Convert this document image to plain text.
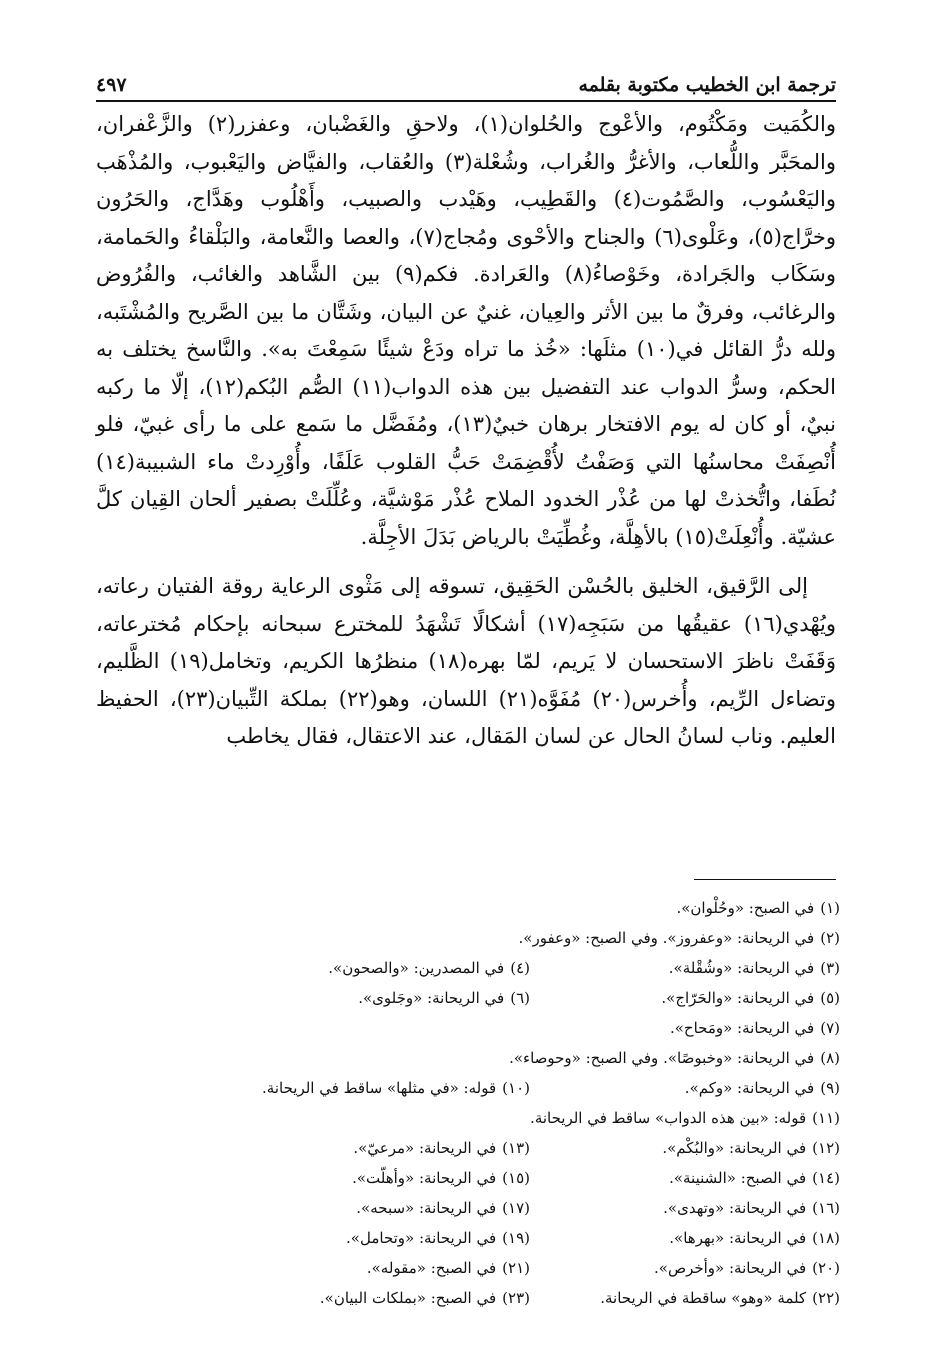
ترجمة ابن الخطيب مكتوبة بقلمه
٤٩٧

والكُمَيت ومَكْتُوم، والأعْوج والحُلوان(١)، ولاحقِ والغَضْبان، وعفزر(٢) والزَّعْفران، والمحَبَّر واللُّعاب، والأغرُّ والغُراب، وشُعْلة(٣) والعُقاب، والفيَّاض واليَعْبوب، والمُذْهَب واليَعْسُوب، والصَّمُوت(٤) والقَطِيب، وهَيْدب والصبيب، وأَهْلُوب وهَدَّاج، والحَرُون وخرَّاج(٥)، وعَلْوى(٦) والجناح والأحْوى ومُجاج(٧)، والعصا والنَّعامة، والبَلْقاءُ والحَمامة، وسَكَاب والجَرادة، وخَوْصاءُ(٨) والعَرادة. فكم(٩) بين الشَّاهد والغائب، والفُرُوض والرغائب، وفرقٌ ما بين الأثر والعِيان، غنيٌ عن البيان، وشَتَّان ما بين الصَّريح والمُشْتَبه، ولله درُّ القائل في(١٠) مثلَها: «خُذ ما تراه ودَعْ شيئًا سَمِعْتَ به». والنَّاسخ يختلف به الحكم، وسرُّ الدواب عند التفضيل بين هذه الدواب(١١) الصُّم البُكم(١٢)، إلّا ما ركبه نبيٌ، أو كان له يوم الافتخار برهان خبيٌ(١٣)، ومُفَضَّل ما سَمع على ما رأى غبيّ، فلو أُنْصِفَتْ محاسنُها التي وَصَفْتُ لأُقْضِمَتْ حَبُّ القلوب عَلَفًا، وأُوْرِدتْ ماء الشبيبة(١٤) نُطَفا، واتُّخذتْ لها من عُذْر الخدود الملاح عُذْر مَوْشيَّة، وعُلِّلَتْ بصفير ألحان القِيان كلَّ عشيّة. وأُنْعِلَتْ(١٥) بالأهِلَّة، وغُطِّيَتْ بالرياض بَدَلَ الأجِلَّة.

إلى الرَّقيق، الخليق بالحُسْن الحَقِيق، تسوقه إلى مَثْوى الرعاية روقة الفتيان رعاته، ويُهْدي(١٦) عقيقُها من سَبَجِه(١٧) أشكالًا تَشْهَدُ للمخترع سبحانه بإحكام مُخترعاته، وَقَفَتْ ناظرَ الاستحسان لا يَريم، لمّا بهره(١٨) منظرُها الكريم، وتخامل(١٩) الظَّليم، وتضاءل الرِّيم، وأُخرس(٢٠) مُفَوَّه(٢١) اللسان، وهو(٢٢) بملكة التِّبيان(٢٣)، الحفيظ العليم. وناب لسانُ الحال عن لسان المَقال، عند الاعتقال، فقال يخاطب

(١)في الصبح: «وحُلْوان».
(٢)في الريحانة: «وعفروز». وفي الصبح: «وعفور».
(٣)في الريحانة: «وشُقْلة».
(٤)في المصدرين: «والصحون».
(٥)في الريحانة: «والحَرّاج».
(٦)في الريحانة: «وجَلوى».
(٧)في الريحانة: «ومَحاح».
(٨)في الريحانة: «وخبوصًا». وفي الصبح: «وحوصاء».
(٩)في الريحانة: «وكم».
(١٠)قوله: «في مثلها» ساقط في الريحانة.
(١١)قوله: «بين هذه الدواب» ساقط في الريحانة.
(١٢)في الريحانة: «والبُكْم».
(١٣)في الريحانة: «مرعيّ».
(١٤)في الصبح: «الشنينة».
(١٥)في الريحانة: «وأهلّت».
(١٦)في الريحانة: «وتهدى».
(١٧)في الريحانة: «سبحه».
(١٨)في الريحانة: «بهرها».
(١٩)في الريحانة: «وتحامل».
(٢٠)في الريحانة: «وأخرص».
(٢١)في الصبح: «مقوله».
(٢٢)كلمة «وهو» ساقطة في الريحانة.
(٢٣)في الصبح: «بملكات البيان».
